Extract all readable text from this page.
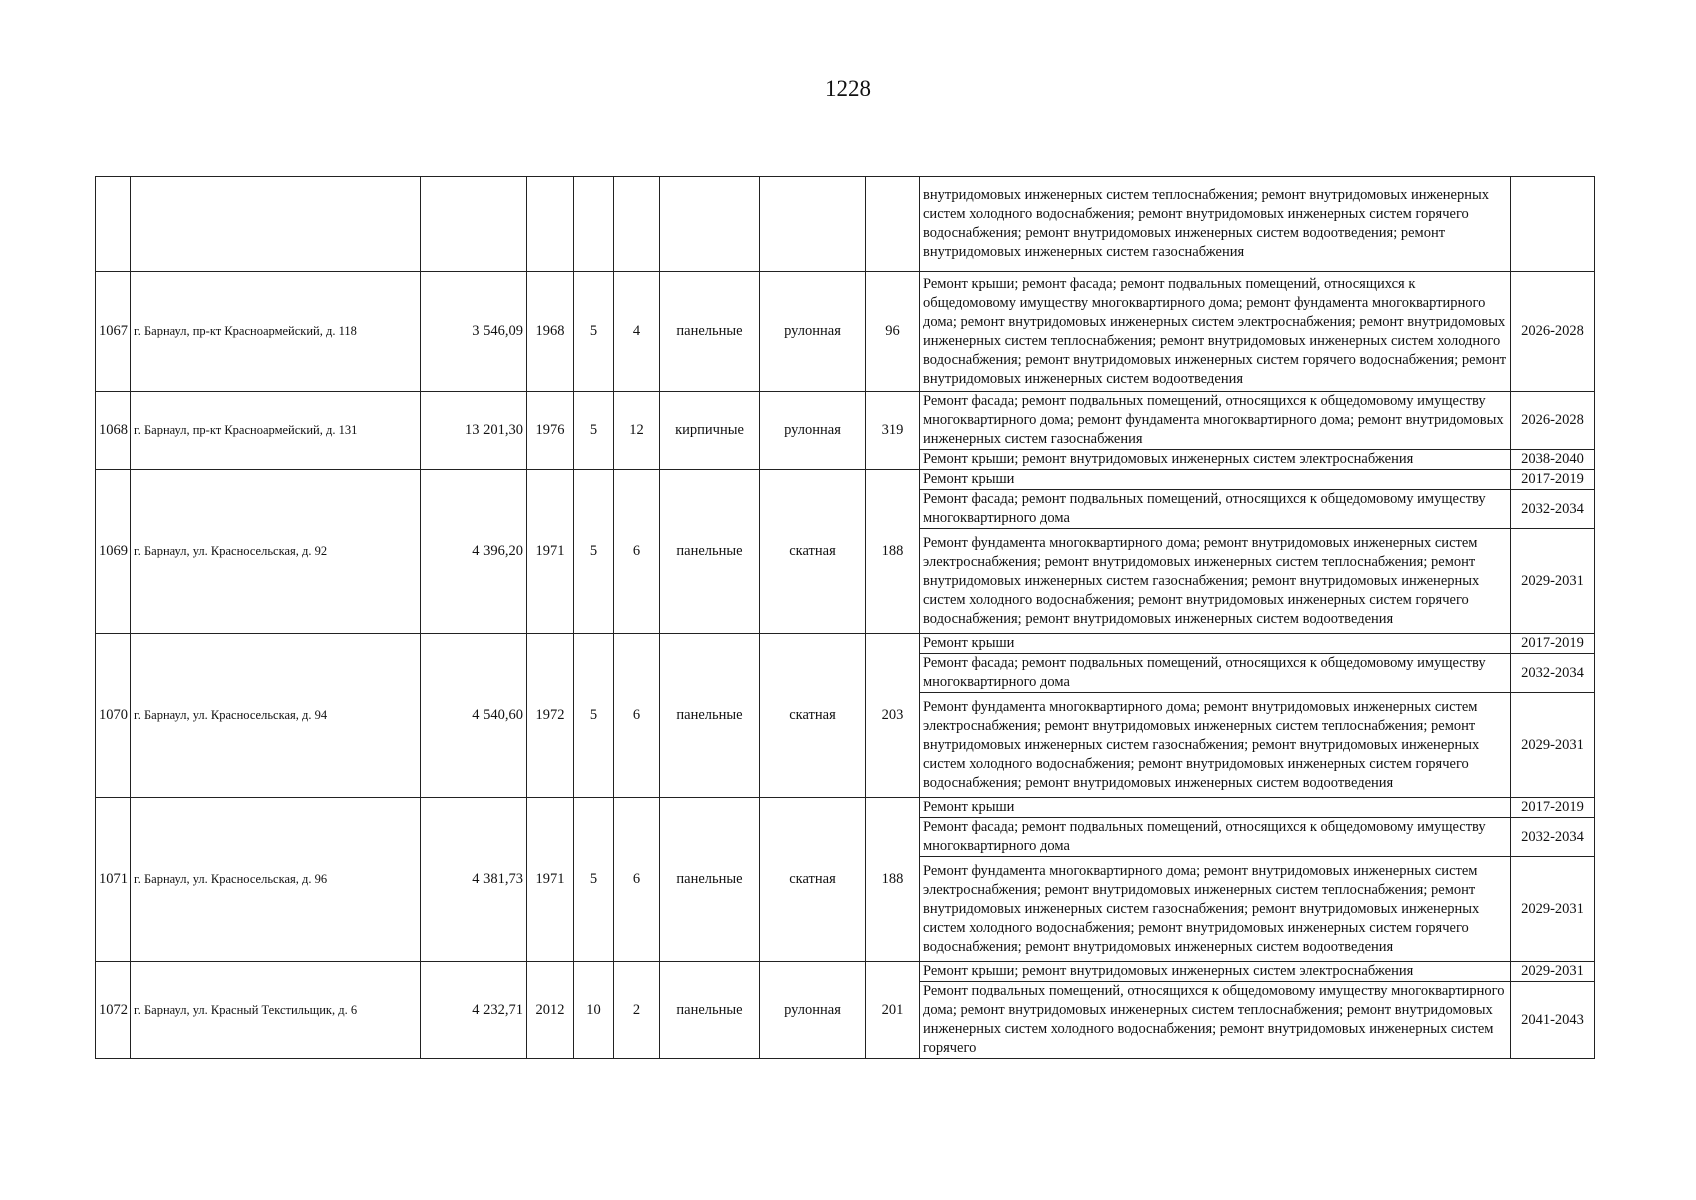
1228
									внутридомовых инженерных систем теплоснабжения; ремонт внутридомовых инженерных систем холодного водоснабжения; ремонт внутридомовых инженерных систем горячего водоснабжения; ремонт внутридомовых инженерных систем водоотведения; ремонт внутридомовых инженерных систем газоснабжения	
1067	г. Барнаул, пр-кт Красноармейский, д. 118	3 546,09	1968	5	4	панельные	рулонная	96	Ремонт крыши; ремонт фасада; ремонт подвальных помещений, относящихся к общедомовому имуществу многоквартирного дома; ремонт фундамента многоквартирного дома; ремонт внутридомовых инженерных систем электроснабжения; ремонт внутридомовых инженерных систем теплоснабжения; ремонт внутридомовых инженерных систем холодного водоснабжения; ремонт внутридомовых инженерных систем горячего водоснабжения; ремонт внутридомовых инженерных систем водоотведения	2026-2028
1068	г. Барнаул, пр-кт Красноармейский, д. 131	13 201,30	1976	5	12	кирпичные	рулонная	319	Ремонт фасада; ремонт подвальных помещений, относящихся к общедомовому имуществу многоквартирного дома; ремонт фундамента многоквартирного дома; ремонт внутридомовых инженерных систем газоснабжения	2026-2028
									Ремонт крыши; ремонт внутридомовых инженерных систем электроснабжения	2038-2040
1069	г. Барнаул, ул. Красносельская, д. 92	4 396,20	1971	5	6	панельные	скатная	188	Ремонт крыши	2017-2019
									Ремонт фасада; ремонт подвальных помещений, относящихся к общедомовому имуществу многоквартирного дома	2032-2034
									Ремонт фундамента многоквартирного дома; ремонт внутридомовых инженерных систем электроснабжения; ремонт внутридомовых инженерных систем теплоснабжения; ремонт внутридомовых инженерных систем газоснабжения; ремонт внутридомовых инженерных систем холодного водоснабжения; ремонт внутридомовых инженерных систем горячего водоснабжения; ремонт внутридомовых инженерных систем водоотведения	2029-2031
1070	г. Барнаул, ул. Красносельская, д. 94	4 540,60	1972	5	6	панельные	скатная	203	Ремонт крыши	2017-2019
									Ремонт фасада; ремонт подвальных помещений, относящихся к общедомовому имуществу многоквартирного дома	2032-2034
									Ремонт фундамента многоквартирного дома; ремонт внутридомовых инженерных систем электроснабжения; ремонт внутридомовых инженерных систем теплоснабжения; ремонт внутридомовых инженерных систем газоснабжения; ремонт внутридомовых инженерных систем холодного водоснабжения; ремонт внутридомовых инженерных систем горячего водоснабжения; ремонт внутридомовых инженерных систем водоотведения	2029-2031
1071	г. Барнаул, ул. Красносельская, д. 96	4 381,73	1971	5	6	панельные	скатная	188	Ремонт крыши	2017-2019
									Ремонт фасада; ремонт подвальных помещений, относящихся к общедомовому имуществу многоквартирного дома	2032-2034
									Ремонт фундамента многоквартирного дома; ремонт внутридомовых инженерных систем электроснабжения; ремонт внутридомовых инженерных систем теплоснабжения; ремонт внутридомовых инженерных систем газоснабжения; ремонт внутридомовых инженерных систем холодного водоснабжения; ремонт внутридомовых инженерных систем горячего водоснабжения; ремонт внутридомовых инженерных систем водоотведения	2029-2031
1072	г. Барнаул, ул. Красный Текстильщик, д. 6	4 232,71	2012	10	2	панельные	рулонная	201	Ремонт крыши; ремонт внутридомовых инженерных систем электроснабжения	2029-2031
									Ремонт подвальных помещений, относящихся к общедомовому имуществу многоквартирного дома; ремонт внутридомовых инженерных систем теплоснабжения; ремонт внутридомовых инженерных систем холодного водоснабжения; ремонт внутридомовых инженерных систем горячего	2041-2043
